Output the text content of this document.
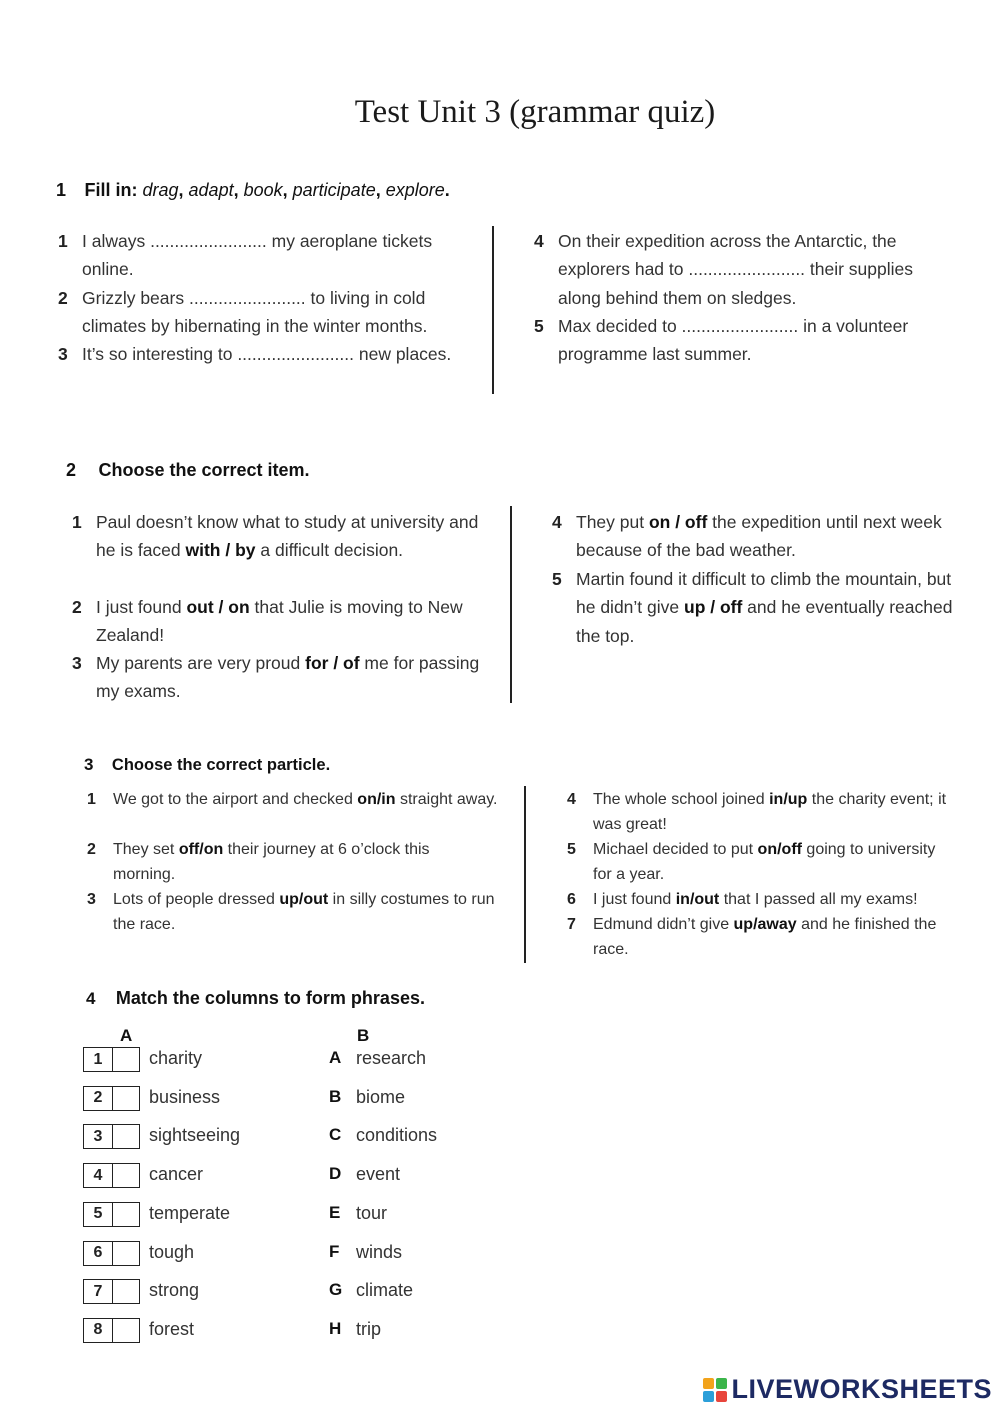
Test Unit 3 (grammar quiz)
1 Fill in: drag, adapt, book, participate, explore.
1 I always ........................ my aeroplane tickets online.
2 Grizzly bears ........................ to living in cold climates by hibernating in the winter months.
3 It’s so interesting to ........................ new places.
4 On their expedition across the Antarctic, the explorers had to ........................ their supplies along behind them on sledges.
5 Max decided to ........................ in a volunteer programme last summer.
2 Choose the correct item.
1 Paul doesn’t know what to study at university and he is faced with / by a difficult decision.
2 I just found out / on that Julie is moving to New Zealand!
3 My parents are very proud for / of me for passing my exams.
4 They put on / off the expedition until next week because of the bad weather.
5 Martin found it difficult to climb the mountain, but he didn’t give up / off and he eventually reached the top.
3 Choose the correct particle.
1 We got to the airport and checked on/in straight away.
2 They set off/on their journey at 6 o’clock this morning.
3 Lots of people dressed up/out in silly costumes to run the race.
4 The whole school joined in/up the charity event; it was great!
5 Michael decided to put on/off going to university for a year.
6 I just found in/out that I passed all my exams!
7 Edmund didn’t give up/away and he finished the race.
4 Match the columns to form phrases.
A	B
1	charity	A research
2	business	B biome
3	sightseeing	C conditions
4	cancer	D event
5	temperate	E tour
6	tough	F winds
7	strong	G climate
8	forest	H trip
LIVEWORKSHEETS
